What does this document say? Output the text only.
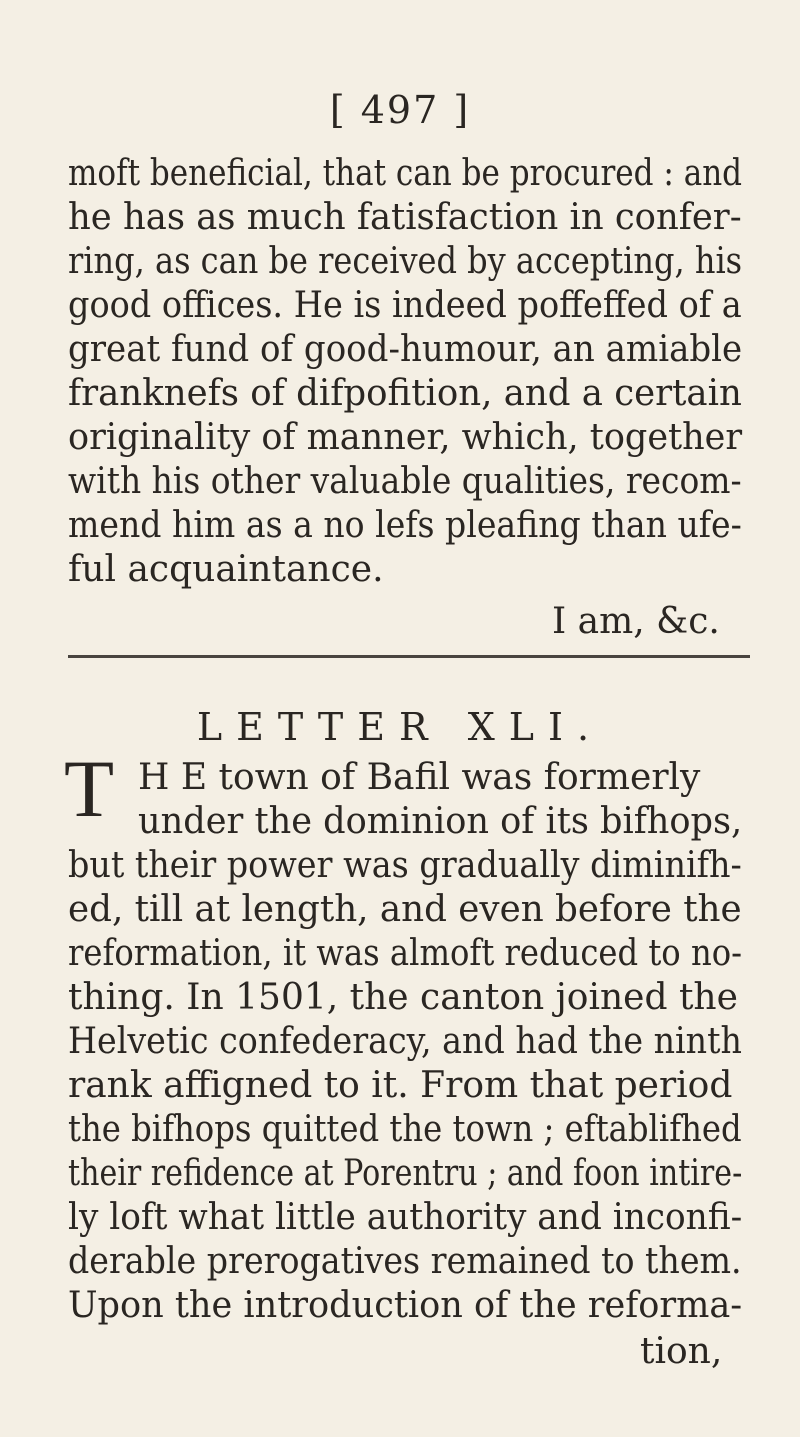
[ 497 ]
moft beneficial, that can be procured : and
he has as much fatisfaction in confer-
ring, as can be received by accepting, his
good offices. He is indeed poffeffed of a
great fund of good-humour, an amiable
franknefs of difpofition, and a certain
originality of manner, which, together
with his other valuable qualities, recom-
mend him as a no lefs pleafing than ufe-
ful acquaintance.
I am, &c.
LETTER XLI.
T H E town of Bafil was formerly
under the dominion of its bifhops,
but their power was gradually diminifh-
ed, till at length, and even before the
reformation, it was almoft reduced to no-
thing. In 1501, the canton joined the
Helvetic confederacy, and had the ninth
rank affigned to it. From that period
the bifhops quitted the town ; eftablifhed
their refidence at Porentru ; and foon intire-
ly loft what little authority and inconfi-
derable prerogatives remained to them.
Upon the introduction of the reforma-
tion,
